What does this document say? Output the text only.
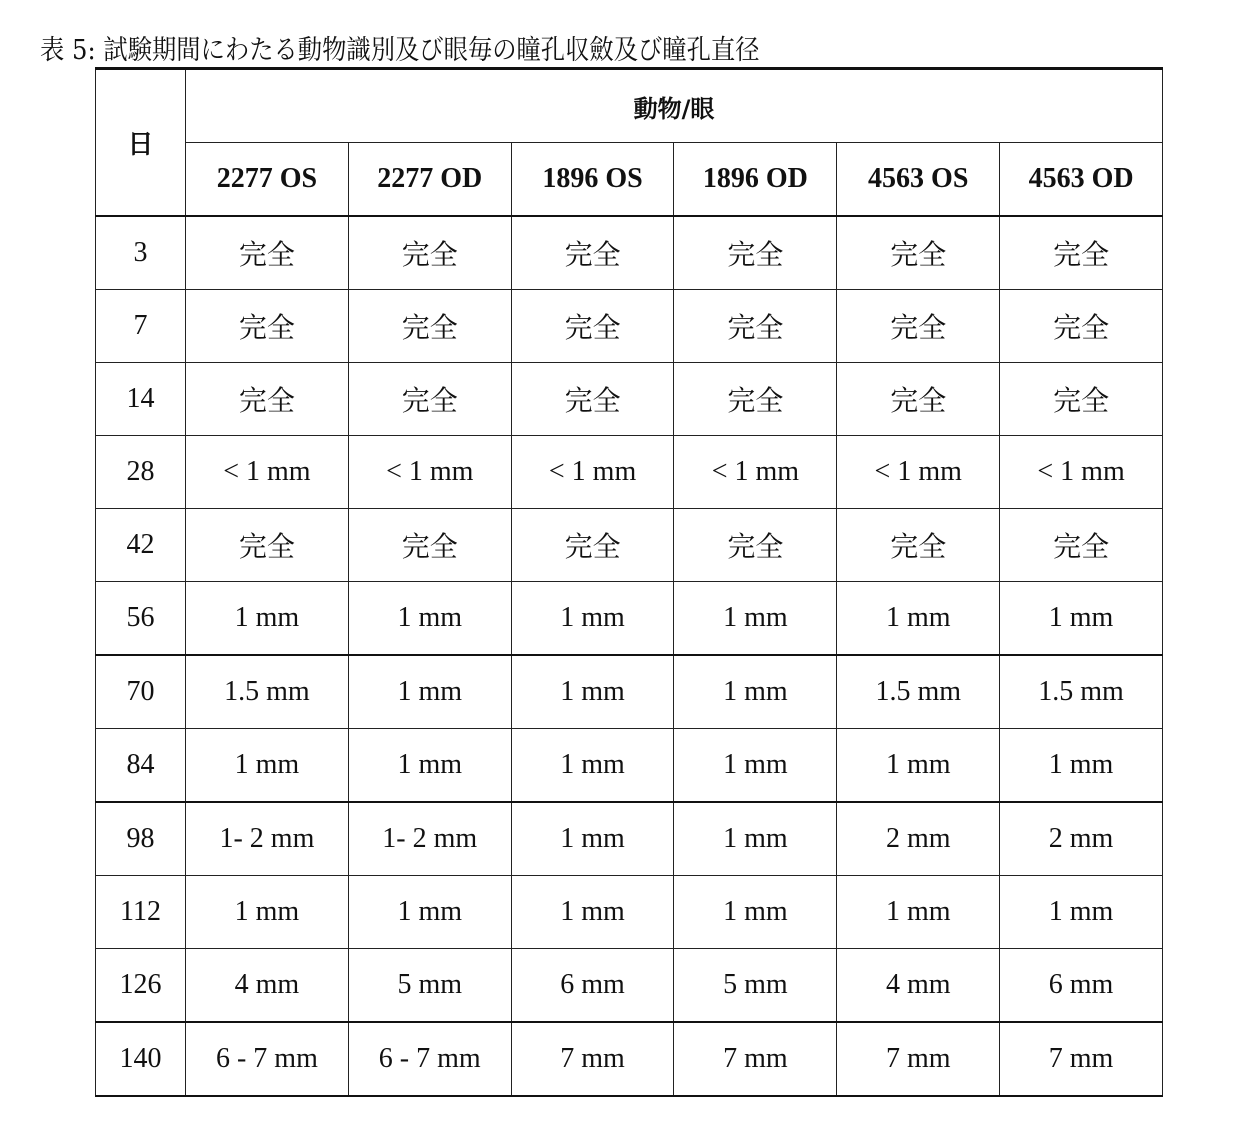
表 5: 試験期間にわたる動物識別及び眼毎の瞳孔収斂及び瞳孔直径
日	動物/眼					
	2277 OS	2277 OD	1896 OS	1896 OD	4563 OS	4563 OD
3	完全	完全	完全	完全	完全	完全
7	完全	完全	完全	完全	完全	完全
14	完全	完全	完全	完全	完全	完全
28	< 1 mm	< 1 mm	< 1 mm	< 1 mm	< 1 mm	< 1 mm
42	完全	完全	完全	完全	完全	完全
56	1 mm	1 mm	1 mm	1 mm	1 mm	1 mm
70	1.5 mm	1 mm	1 mm	1 mm	1.5 mm	1.5 mm
84	1 mm	1 mm	1 mm	1 mm	1 mm	1 mm
98	1- 2 mm	1- 2 mm	1 mm	1 mm	2 mm	2 mm
112	1 mm	1 mm	1 mm	1 mm	1 mm	1 mm
126	4 mm	5 mm	6 mm	5 mm	4 mm	6 mm
140	6 - 7 mm	6 - 7 mm	7 mm	7 mm	7 mm	7 mm
